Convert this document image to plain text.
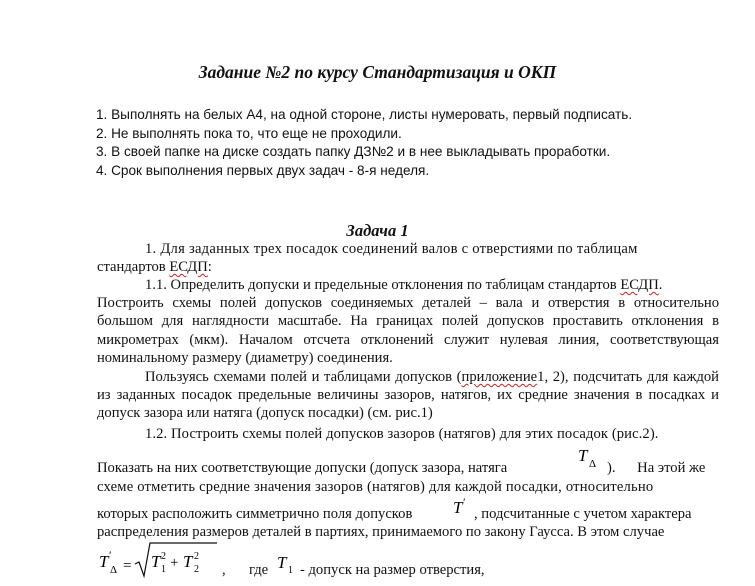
Задание №2 по курсу Стандартизация и ОКП
1. Выполнять на белых А4, на одной стороне, листы нумеровать, первый подписать.
2. Не выполнять пока то, что еще не проходили.
3. В своей папке на диске создать папку ДЗ№2 и в нее выкладывать проработки.
4. Срок выполнения первых двух задач - 8-я неделя.
Задача 1
1. Для заданных трех посадок соединений валов с отверстиями по таблицам
стандартов ЕСДП:
1.1. Определить допуски и предельные отклонения по таблицам стандартов ЕСДП.
Построить схемы полей допусков соединяемых деталей – вала и отверстия в относительно большом для наглядности масштабе. На границах полей допусков проставить отклонения в микрометрах (мкм). Началом отсчета отклонений служит нулевая линия, соответствующая номинальному размеру (диаметру) соединения.
Пользуясь схемами полей и таблицами допусков (приложение1, 2), подсчитать для каждой из заданных посадок предельные величины зазоров, натягов, их средние значения в посадках и допуск зазора или натяга (допуск посадки) (см. рис.1)
1.2. Построить схемы полей допусков зазоров (натягов) для этих посадок (рис.2).
Показать на них соответствующие допуски (допуск зазора, натяга
T Δ ). На этой же
схеме отметить средние значения зазоров (натягов) для каждой посадки, относительно
которых расположить симметрично поля допусков	T ′
, подсчитанные с учетом характера
распределения размеров деталей в партиях, принимаемого по закону Гаусса. В этом случае
T ′
Δ = T 1
2 + T 2
2
,	где T 1 - допуск на размер отверстия,
